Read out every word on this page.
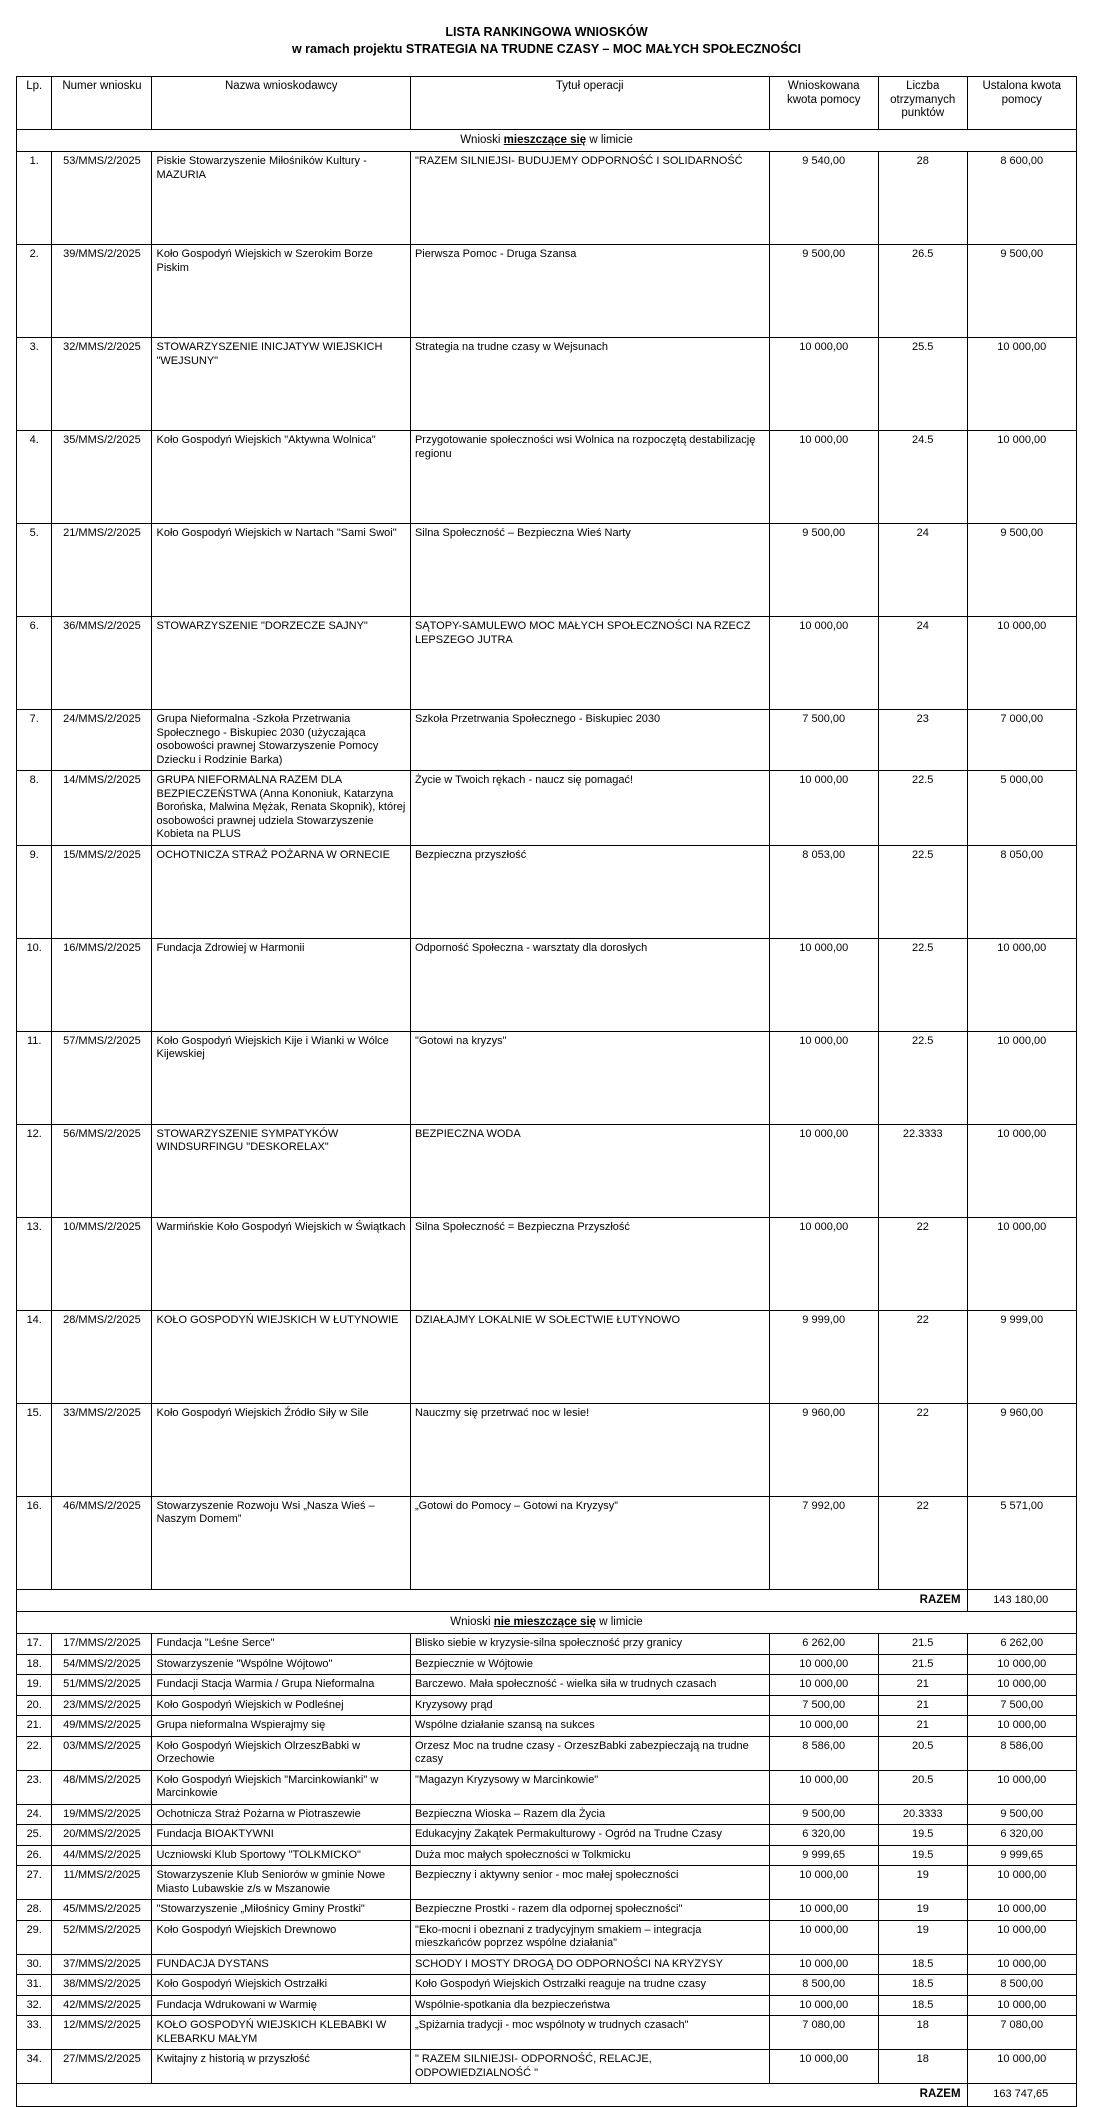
LISTA RANKINGOWA WNIOSKÓW
w ramach projektu STRATEGIA NA TRUDNE CZASY – MOC MAŁYCH SPOŁECZNOŚCI
Lp.	Numer wniosku	Nazwa wnioskodawcy	Tytuł operacji	Wnioskowana kwota pomocy	Liczba otrzymanych punktów	Ustalona kwota pomocy
Wnioski mieszczące się w limicie						
1.	53/MMS/2/2025	Piskie Stowarzyszenie Miłośników Kultury - MAZURIA	"RAZEM SILNIEJSI- BUDUJEMY ODPORNOŚĆ I SOLIDARNOŚĆ	9 540,00	28	8 600,00
2.	39/MMS/2/2025	Koło Gospodyń Wiejskich w Szerokim Borze Piskim	Pierwsza Pomoc - Druga Szansa	9 500,00	26.5	9 500,00
3.	32/MMS/2/2025	STOWARZYSZENIE INICJATYW WIEJSKICH "WEJSUNY"	Strategia na trudne czasy w Wejsunach	10 000,00	25.5	10 000,00
4.	35/MMS/2/2025	Koło Gospodyń Wiejskich "Aktywna Wolnica"	Przygotowanie społeczności wsi Wolnica na rozpoczętą destabilizację regionu	10 000,00	24.5	10 000,00
5.	21/MMS/2/2025	Koło Gospodyń Wiejskich w Nartach "Sami Swoi"	Silna Społeczność – Bezpieczna Wieś Narty	9 500,00	24	9 500,00
6.	36/MMS/2/2025	STOWARZYSZENIE "DORZECZE SAJNY"	SĄTOPY-SAMULEWO MOC MAŁYCH SPOŁECZNOŚCI NA RZECZ LEPSZEGO JUTRA	10 000,00	24	10 000,00
7.	24/MMS/2/2025	Grupa Nieformalna -Szkoła Przetrwania Społecznego - Biskupiec 2030 (użyczająca osobowości prawnej Stowarzyszenie Pomocy Dziecku i Rodzinie Barka)	Szkoła Przetrwania Społecznego - Biskupiec 2030	7 500,00	23	7 000,00
8.	14/MMS/2/2025	GRUPA NIEFORMALNA RAZEM DLA BEZPIECZEŃSTWA (Anna Kononiuk, Katarzyna Borońska, Malwina Mężak, Renata Skopnik), której osobowości prawnej udziela Stowarzyszenie Kobieta na PLUS	Życie w Twoich rękach - naucz się pomagać!	10 000,00	22.5	5 000,00
9.	15/MMS/2/2025	OCHOTNICZA STRAŻ POŻARNA W ORNECIE	Bezpieczna przyszłość	8 053,00	22.5	8 050,00
10.	16/MMS/2/2025	Fundacja Zdrowiej w Harmonii	Odporność Społeczna - warsztaty dla dorosłych	10 000,00	22.5	10 000,00
11.	57/MMS/2/2025	Koło Gospodyń Wiejskich Kije i Wianki w Wólce Kijewskiej	"Gotowi na kryzys"	10 000,00	22.5	10 000,00
12.	56/MMS/2/2025	STOWARZYSZENIE SYMPATYKÓW WINDSURFINGU "DESKORELAX"	BEZPIECZNA WODA	10 000,00	22.3333	10 000,00
13.	10/MMS/2/2025	Warmińskie Koło Gospodyń Wiejskich w Świątkach	Silna Społeczność = Bezpieczna Przyszłość	10 000,00	22	10 000,00
14.	28/MMS/2/2025	KOŁO GOSPODYŃ WIEJSKICH W ŁUTYNOWIE	DZIAŁAJMY LOKALNIE W SOŁECTWIE ŁUTYNOWO	9 999,00	22	9 999,00
15.	33/MMS/2/2025	Koło Gospodyń Wiejskich Źródło Siły w Sile	Nauczmy się przetrwać noc w lesie!	9 960,00	22	9 960,00
16.	46/MMS/2/2025	Stowarzyszenie Rozwoju Wsi „Nasza Wieś – Naszym Domem”	„Gotowi do Pomocy – Gotowi na Kryzysy”	7 992,00	22	5 571,00
RAZEM						143 180,00
Wnioski nie mieszczące się w limicie						
17.	17/MMS/2/2025	Fundacja "Leśne Serce"	Blisko siebie w kryzysie-silna społeczność przy granicy	6 262,00	21.5	6 262,00
18.	54/MMS/2/2025	Stowarzyszenie "Wspólne Wójtowo"	Bezpiecznie w Wójtowie	10 000,00	21.5	10 000,00
19.	51/MMS/2/2025	Fundacji Stacja Warmia / Grupa Nieformalna	Barczewo. Mała społeczność - wielka siła w trudnych czasach	10 000,00	21	10 000,00
20.	23/MMS/2/2025	Koło Gospodyń Wiejskich w Podleśnej	Kryzysowy prąd	7 500,00	21	7 500,00
21.	49/MMS/2/2025	Grupa nieformalna Wspierajmy się	Wspólne działanie szansą na sukces	10 000,00	21	10 000,00
22.	03/MMS/2/2025	Koło Gospodyń Wiejskich OlrzeszBabki w Orzechowie	Orzesz Moc na trudne czasy - OrzeszBabki zabezpieczają na trudne czasy	8 586,00	20.5	8 586,00
23.	48/MMS/2/2025	Koło Gospodyń Wiejskich "Marcinkowianki" w Marcinkowie	"Magazyn Kryzysowy w Marcinkowie"	10 000,00	20.5	10 000,00
24.	19/MMS/2/2025	Ochotnicza Straż Pożarna w Piotraszewie	Bezpieczna Wioska – Razem dla Życia	9 500,00	20.3333	9 500,00
25.	20/MMS/2/2025	Fundacja BIOAKTYWNI	Edukacyjny Zakątek Permakulturowy - Ogród na Trudne Czasy	6 320,00	19.5	6 320,00
26.	44/MMS/2/2025	Uczniowski Klub Sportowy "TOLKMICKO"	Duża moc małych społeczności w Tolkmicku	9 999,65	19.5	9 999,65
27.	11/MMS/2/2025	Stowarzyszenie Klub Seniorów w gminie Nowe Miasto Lubawskie z/s w Mszanowie	Bezpieczny i aktywny senior - moc małej społeczności	10 000,00	19	10 000,00
28.	45/MMS/2/2025	"Stowarzyszenie „Miłośnicy Gminy Prostki"	Bezpieczne Prostki - razem dla odpornej społeczności"	10 000,00	19	10 000,00
29.	52/MMS/2/2025	Koło Gospodyń Wiejskich Drewnowo	"Eko-mocni i obeznani z tradycyjnym smakiem – integracja mieszkańców poprzez wspólne działania"	10 000,00	19	10 000,00
30.	37/MMS/2/2025	FUNDACJA DYSTANS	SCHODY I MOSTY DROGĄ DO ODPORNOŚCI NA KRYZYSY	10 000,00	18.5	10 000,00
31.	38/MMS/2/2025	Koło Gospodyń Wiejskich Ostrzałki	Koło Gospodyń Wiejskich Ostrzałki reaguje na trudne czasy	8 500,00	18.5	8 500,00
32.	42/MMS/2/2025	Fundacja Wdrukowani w Warmię	Wspólnie-spotkania dla bezpieczeństwa	10 000,00	18.5	10 000,00
33.	12/MMS/2/2025	KOŁO GOSPODYŃ WIEJSKICH KLEBABKI W KLEBARKU MAŁYM	„Spiżarnia tradycji - moc wspólnoty w trudnych czasach"	7 080,00	18	7 080,00
34.	27/MMS/2/2025	Kwitajny z historią w przyszłość	" RAZEM SILNIEJSI- ODPORNOŚĆ, RELACJE, ODPOWIEDZIALNOŚĆ "	10 000,00	18	10 000,00
RAZEM						163 747,65
